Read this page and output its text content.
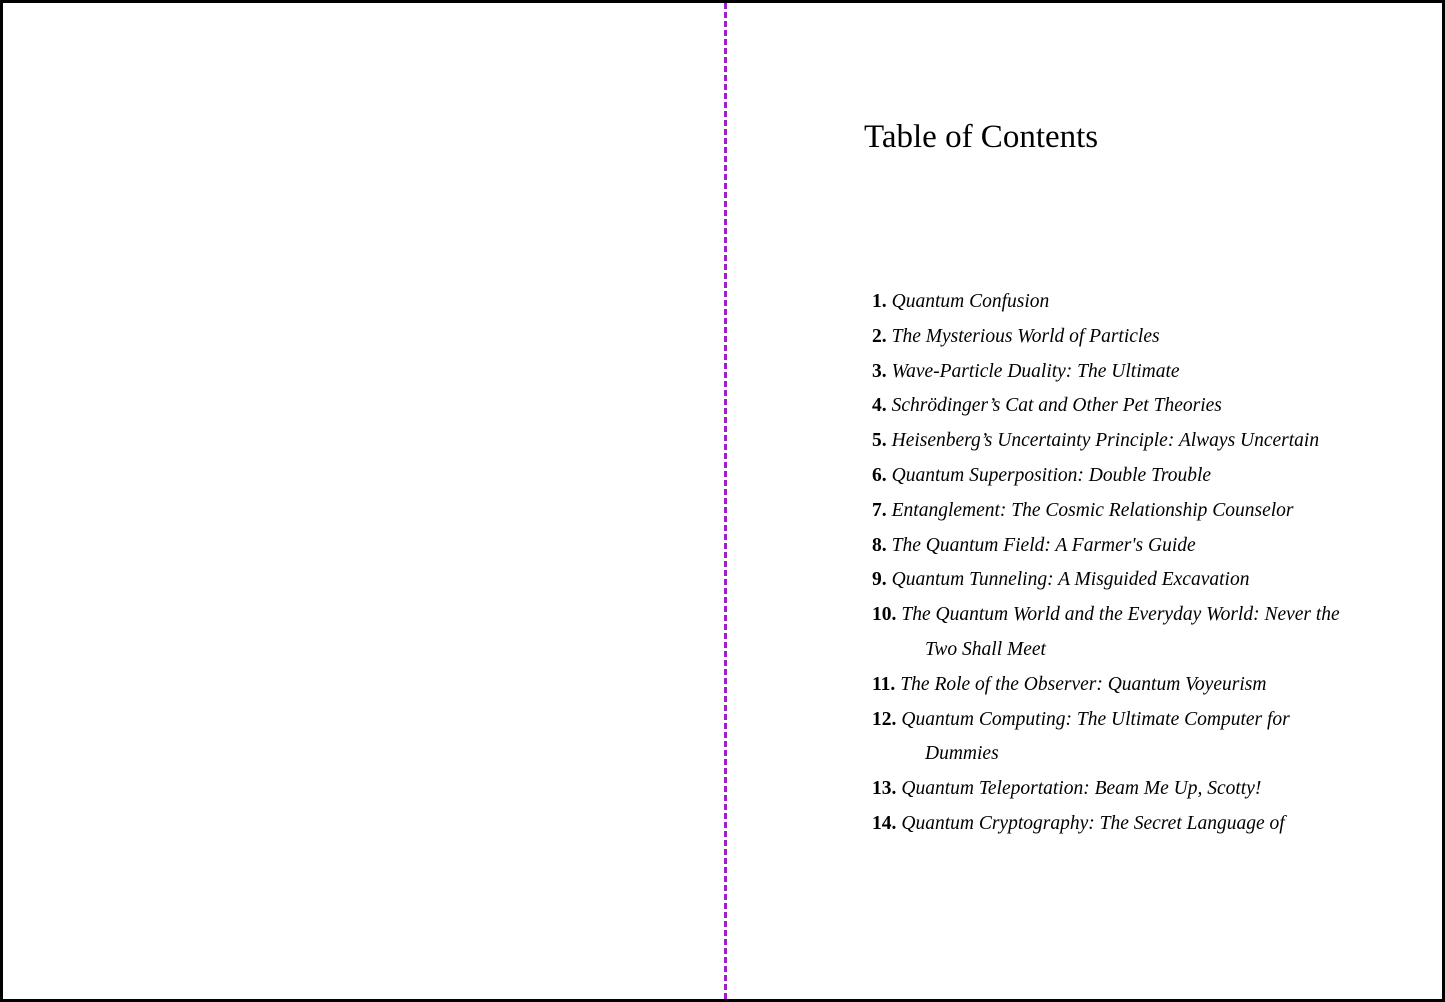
Table of Contents
1. Quantum Confusion
2. The Mysterious World of Particles
3. Wave-Particle Duality: The Ultimate
4. Schrödinger’s Cat and Other Pet Theories
5. Heisenberg’s Uncertainty Principle: Always Uncertain
6. Quantum Superposition: Double Trouble
7. Entanglement: The Cosmic Relationship Counselor
8. The Quantum Field: A Farmer's Guide
9. Quantum Tunneling: A Misguided Excavation
10. The Quantum World and the Everyday World: Never the Two Shall Meet
11. The Role of the Observer: Quantum Voyeurism
12. Quantum Computing: The Ultimate Computer for Dummies
13. Quantum Teleportation: Beam Me Up, Scotty!
14. Quantum Cryptography: The Secret Language of
